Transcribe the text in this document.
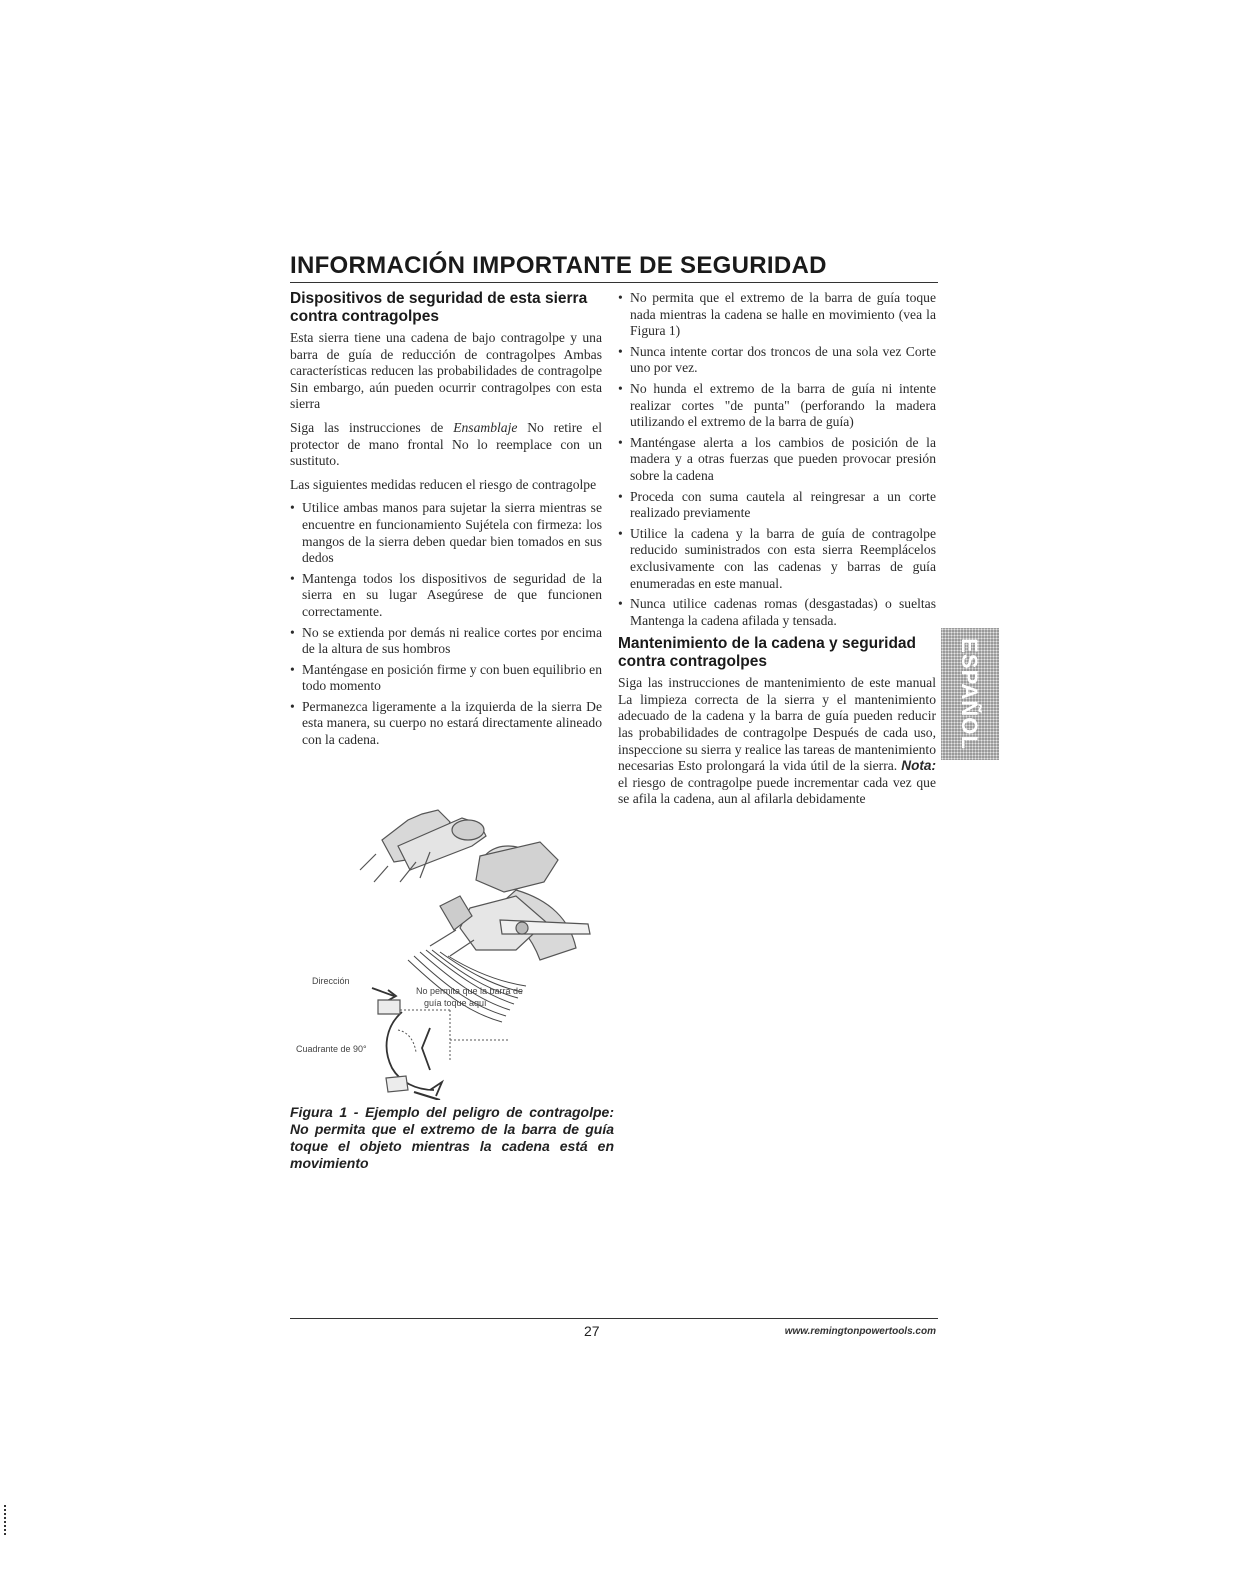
INFORMACIÓN IMPORTANTE DE SEGURIDAD
Dispositivos de seguridad de esta sierra contra contragolpes

Esta sierra tiene una cadena de bajo contragolpe y una barra de guía de reducción de contragolpes Ambas características reducen las probabilidades de contragolpe Sin embargo, aún pueden ocurrir contragolpes con esta sierra

Siga las instrucciones de Ensamblaje No retire el protector de mano frontal No lo reemplace con un sustituto.

Las siguientes medidas reducen el riesgo de contragolpe

• Utilice ambas manos para sujetar la sierra mientras se encuentre en funcionamiento Sujétela con firmeza: los mangos de la sierra deben quedar bien tomados en sus dedos
• Mantenga todos los dispositivos de seguridad de la sierra en su lugar Asegúrese de que funcionen correctamente.
• No se extienda por demás ni realice cortes por encima de la altura de sus hombros
• Manténgase en posición firme y con buen equilibrio en todo momento
• Permanezca ligeramente a la izquierda de la sierra De esta manera, su cuerpo no estará directamente alineado con la cadena.
• No permita que el extremo de la barra de guía toque nada mientras la cadena se halle en movimiento (vea la Figura 1)
• Nunca intente cortar dos troncos de una sola vez Corte uno por vez.
• No hunda el extremo de la barra de guía ni intente realizar cortes "de punta" (perforando la madera utilizando el extremo de la barra de guía)
• Manténgase alerta a los cambios de posición de la madera y a otras fuerzas que pueden provocar presión sobre la cadena
• Proceda con suma cautela al reingresar a un corte realizado previamente
• Utilice la cadena y la barra de guía de contragolpe reducido suministrados con esta sierra Reemplácelos exclusivamente con las cadenas y barras de guía enumeradas en este manual.
• Nunca utilice cadenas romas (desgastadas) o sueltas Mantenga la cadena afilada y tensada.
Mantenimiento de la cadena y seguridad contra contragolpes

Siga las instrucciones de mantenimiento de este manual La limpieza correcta de la sierra y el mantenimiento adecuado de la cadena y la barra de guía pueden reducir las probabilidades de contragolpe Después de cada uso, inspeccione su sierra y realice las tareas de mantenimiento necesarias Esto prolongará la vida útil de la sierra. Nota: el riesgo de contragolpe puede incrementar cada vez que se afila la cadena, aun al afilarla debidamente

Dirección
No permita que la barra de
guía toque aquí
Cuadrante de 90°

Figura 1 - Ejemplo del peligro de contragolpe: No permita que el extremo de la barra de guía toque el objeto mientras la cadena está en movimiento

ESPAÑOL
27	www.remingtonpowertools.com
